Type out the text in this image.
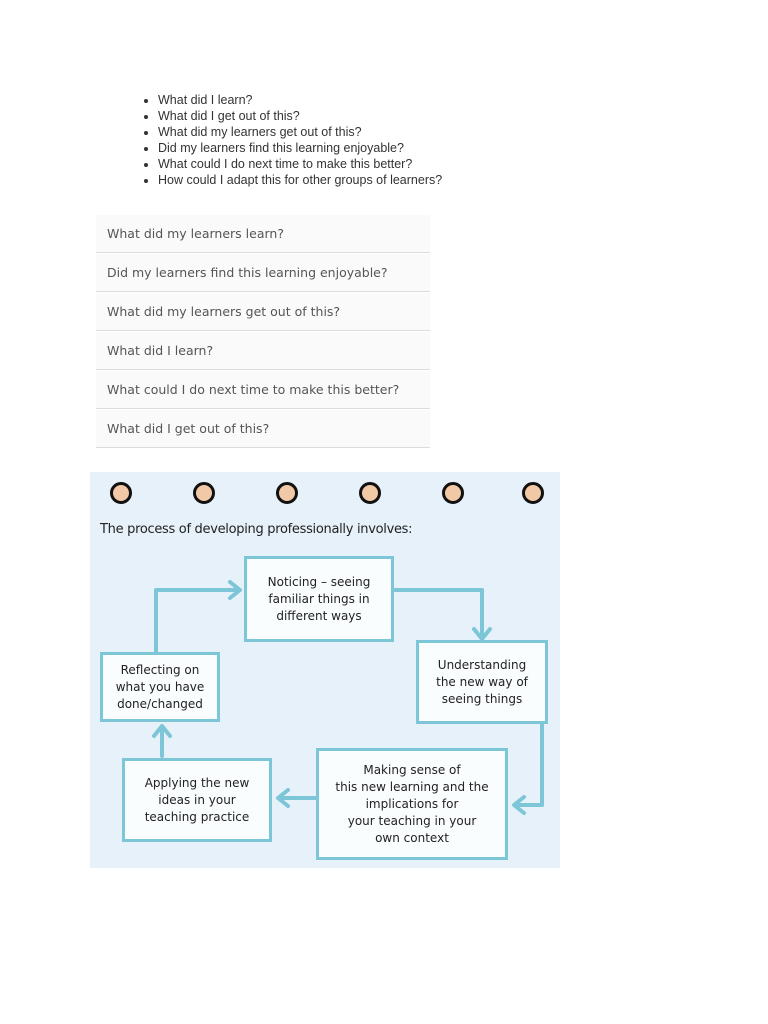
• What did I learn?
• What did I get out of this?
• What did my learners get out of this?
• Did my learners find this learning enjoyable?
• What could I do next time to make this better?
• How could I adapt this for other groups of learners?
What did my learners learn?
Did my learners find this learning enjoyable?
What did my learners get out of this?
What did I learn?
What could I do next time to make this better?
What did I get out of this?
The process of developing professionally involves:
Noticing – seeing
familiar things in
different ways
Understanding
the new way of
seeing things
Making sense of
this new learning and the
implications for
your teaching in your
own context
Applying the new
ideas in your
teaching practice
Reflecting on
what you have
done/changed
